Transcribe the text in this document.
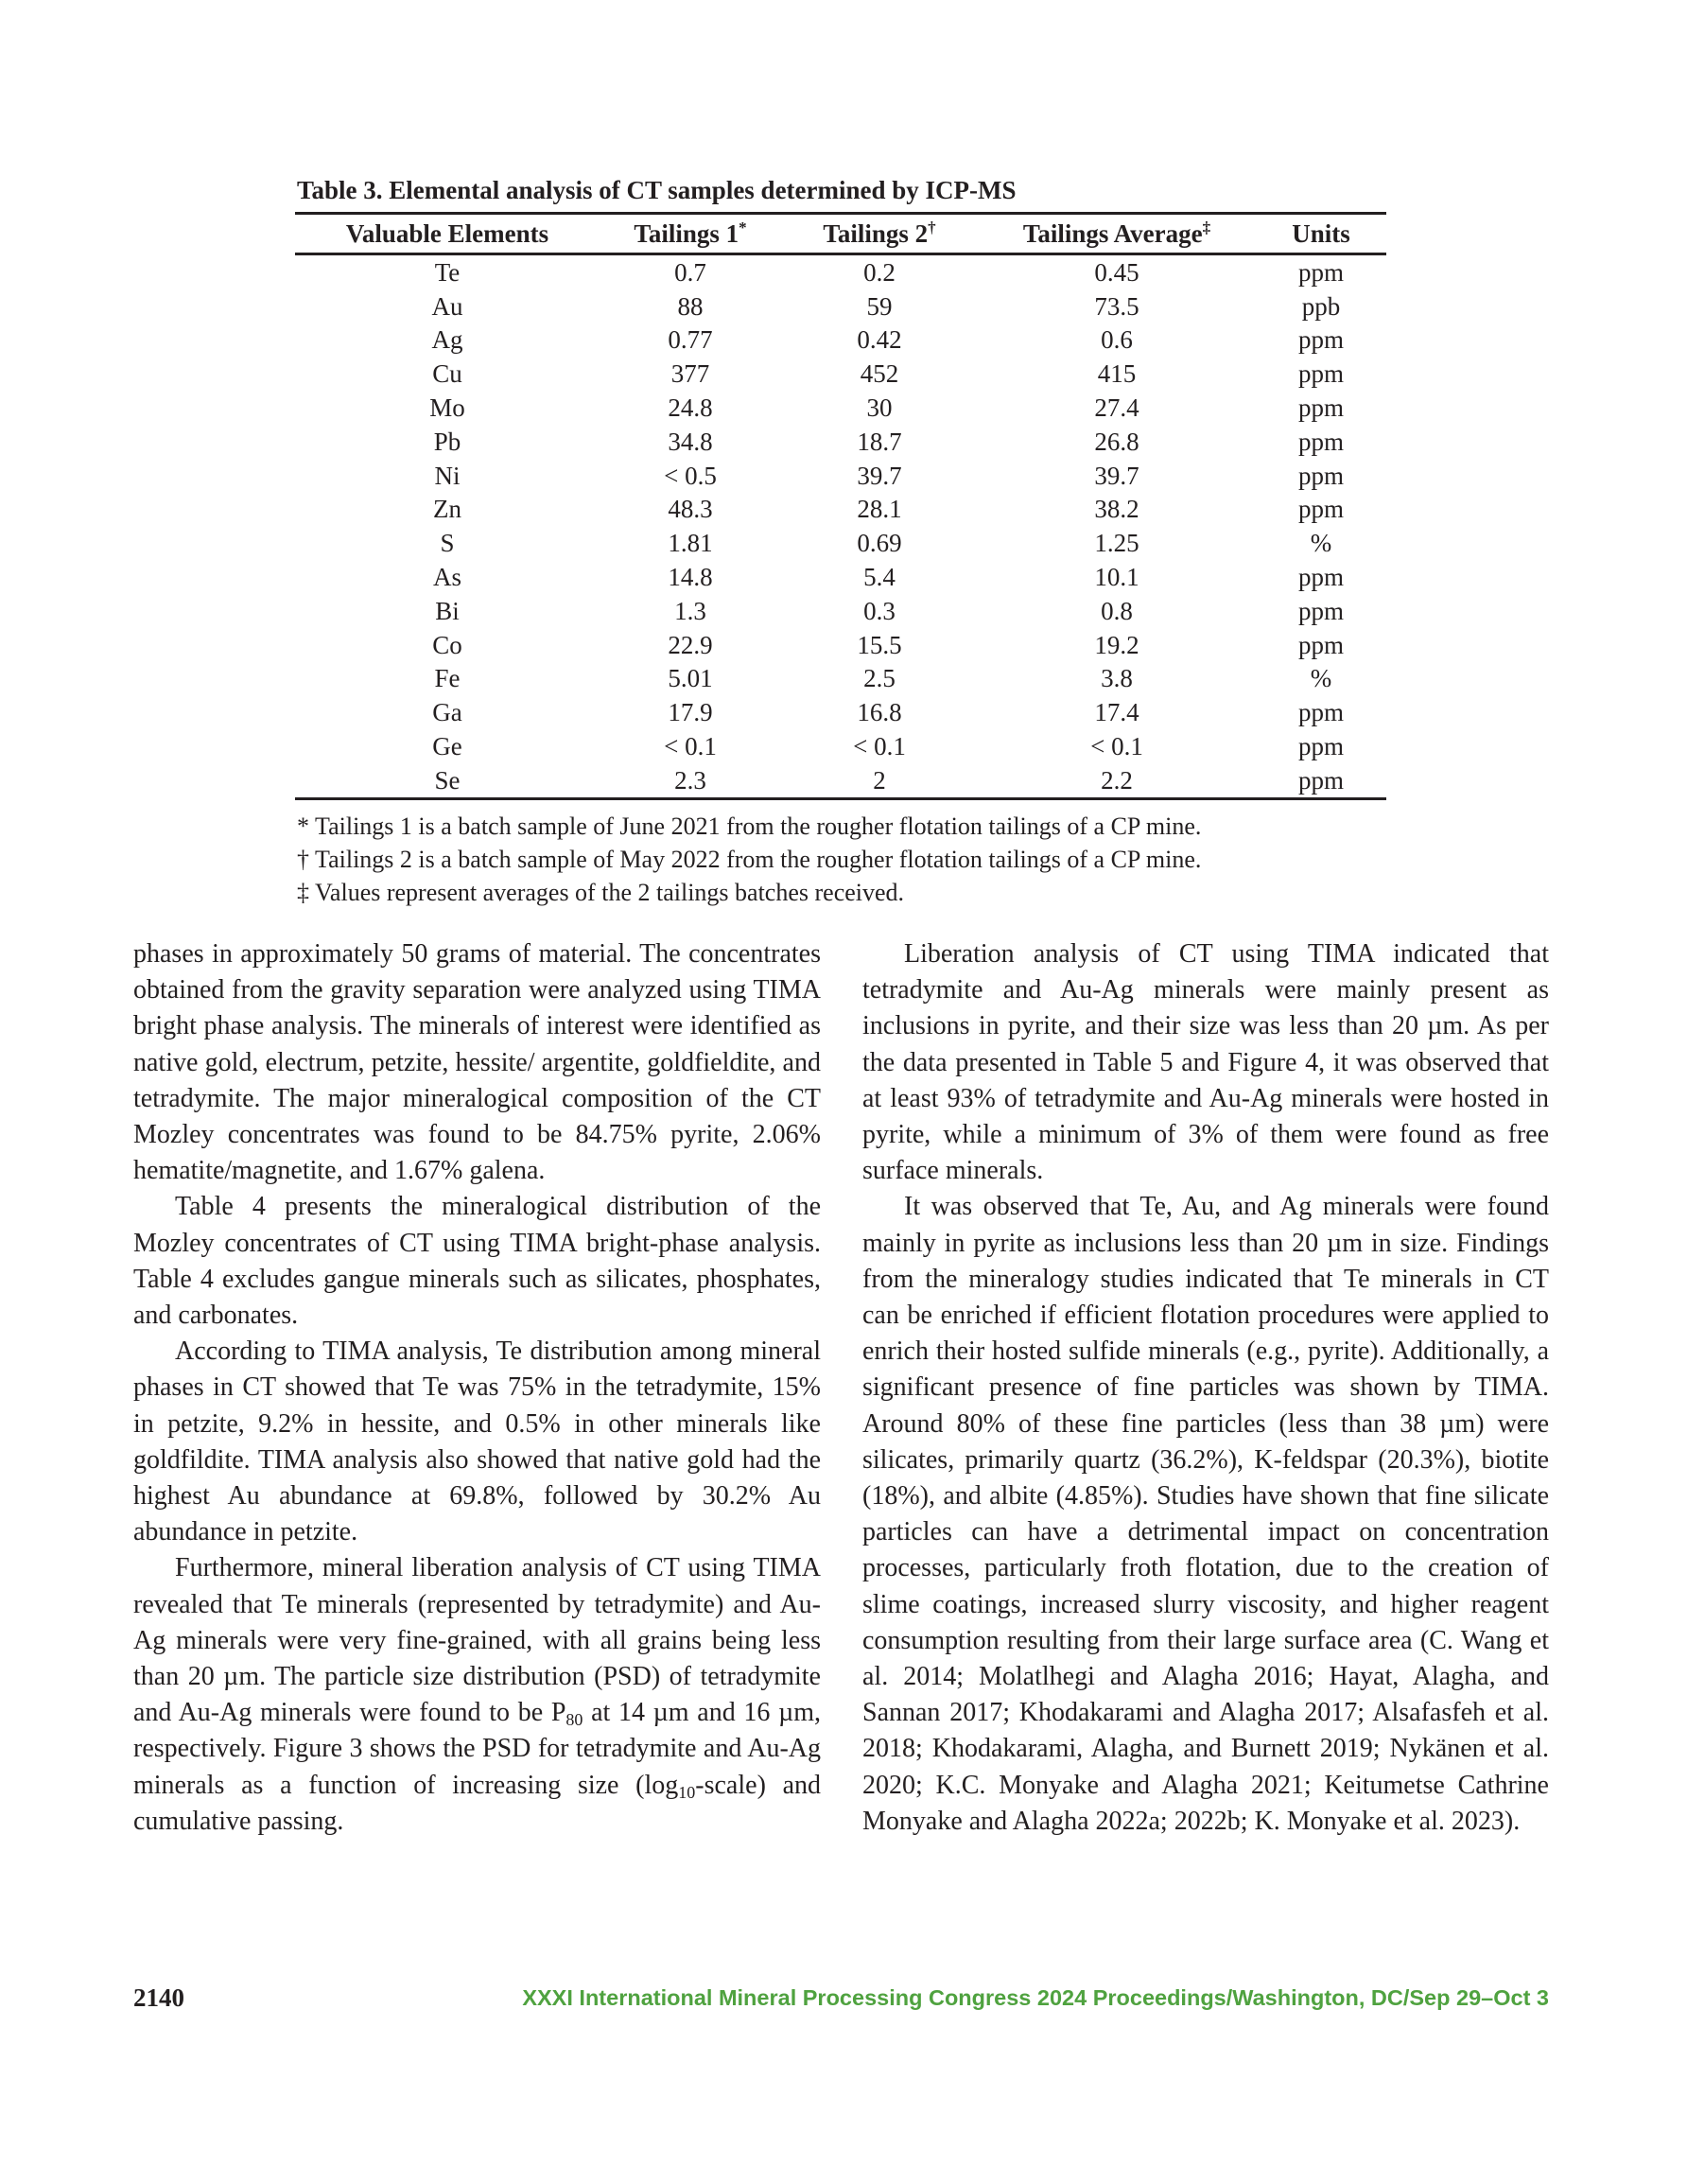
Table 3. Elemental analysis of CT samples determined by ICP-MS
Valuable Elements	Tailings 1*	Tailings 2†	Tailings Average‡	Units
Te	0.7	0.2	0.45	ppm
Au	88	59	73.5	ppb
Ag	0.77	0.42	0.6	ppm
Cu	377	452	415	ppm
Mo	24.8	30	27.4	ppm
Pb	34.8	18.7	26.8	ppm
Ni	< 0.5	39.7	39.7	ppm
Zn	48.3	28.1	38.2	ppm
S	1.81	0.69	1.25	%
As	14.8	5.4	10.1	ppm
Bi	1.3	0.3	0.8	ppm
Co	22.9	15.5	19.2	ppm
Fe	5.01	2.5	3.8	%
Ga	17.9	16.8	17.4	ppm
Ge	< 0.1	< 0.1	< 0.1	ppm
Se	2.3	2	2.2	ppm
* Tailings 1 is a batch sample of June 2021 from the rougher flotation tailings of a CP mine.
† Tailings 2 is a batch sample of May 2022 from the rougher flotation tailings of a CP mine.
‡ Values represent averages of the 2 tailings batches received.

phases in approximately 50 grams of material. The concentrates obtained from the gravity separation were analyzed using TIMA bright phase analysis. The minerals of interest were identified as native gold, electrum, petzite, hessite/ argentite, goldfieldite, and tetradymite. The major mineralogical composition of the CT Mozley concentrates was found to be 84.75% pyrite, 2.06% hematite/magnetite, and 1.67% galena.

Table 4 presents the mineralogical distribution of the Mozley concentrates of CT using TIMA bright-phase analysis. Table 4 excludes gangue minerals such as silicates, phosphates, and carbonates.

According to TIMA analysis, Te distribution among mineral phases in CT showed that Te was 75% in the tetradymite, 15% in petzite, 9.2% in hessite, and 0.5% in other minerals like goldfildite. TIMA analysis also showed that native gold had the highest Au abundance at 69.8%, followed by 30.2% Au abundance in petzite.

Furthermore, mineral liberation analysis of CT using TIMA revealed that Te minerals (represented by tetradymite) and Au-Ag minerals were very fine-grained, with all grains being less than 20 µm. The particle size distribution (PSD) of tetradymite and Au-Ag minerals were found to be $P_{80}$ at 14 µm and 16 µm, respectively. Figure 3 shows the PSD for tetradymite and Au-Ag minerals as a function of increasing size $(\log_{10}-scale)$ and cumulative passing.

Liberation analysis of CT using TIMA indicated that tetradymite and Au-Ag minerals were mainly present as inclusions in pyrite, and their size was less than 20 µm. As per the data presented in Table 5 and Figure 4, it was observed that at least 93% of tetradymite and Au-Ag minerals were hosted in pyrite, while a minimum of 3% of them were found as free surface minerals.

It was observed that Te, Au, and Ag minerals were found mainly in pyrite as inclusions less than 20 µm in size. Findings from the mineralogy studies indicated that Te minerals in CT can be enriched if efficient flotation procedures were applied to enrich their hosted sulfide minerals (e.g., pyrite). Additionally, a significant presence of fine particles was shown by TIMA. Around 80% of these fine particles (less than 38 µm) were silicates, primarily quartz (36.2%), K-feldspar (20.3%), biotite (18%), and albite (4.85%). Studies have shown that fine silicate particles can have a detrimental impact on concentration processes, particularly froth flotation, due to the creation of slime coatings, increased slurry viscosity, and higher reagent consumption resulting from their large surface area (C. Wang et al. 2014; Molatlhegi and Alagha 2016; Hayat, Alagha, and Sannan 2017; Khodakarami and Alagha 2017; Alsafasfeh et al. 2018; Khodakarami, Alagha, and Burnett 2019; Nykänen et al. 2020; K.C. Monyake and Alagha 2021; Keitumetse Cathrine Monyake and Alagha 2022a; 2022b; K. Monyake et al. 2023).

2140	XXXI International Mineral Processing Congress 2024 Proceedings/Washington, DC/Sep 29–Oct 3
